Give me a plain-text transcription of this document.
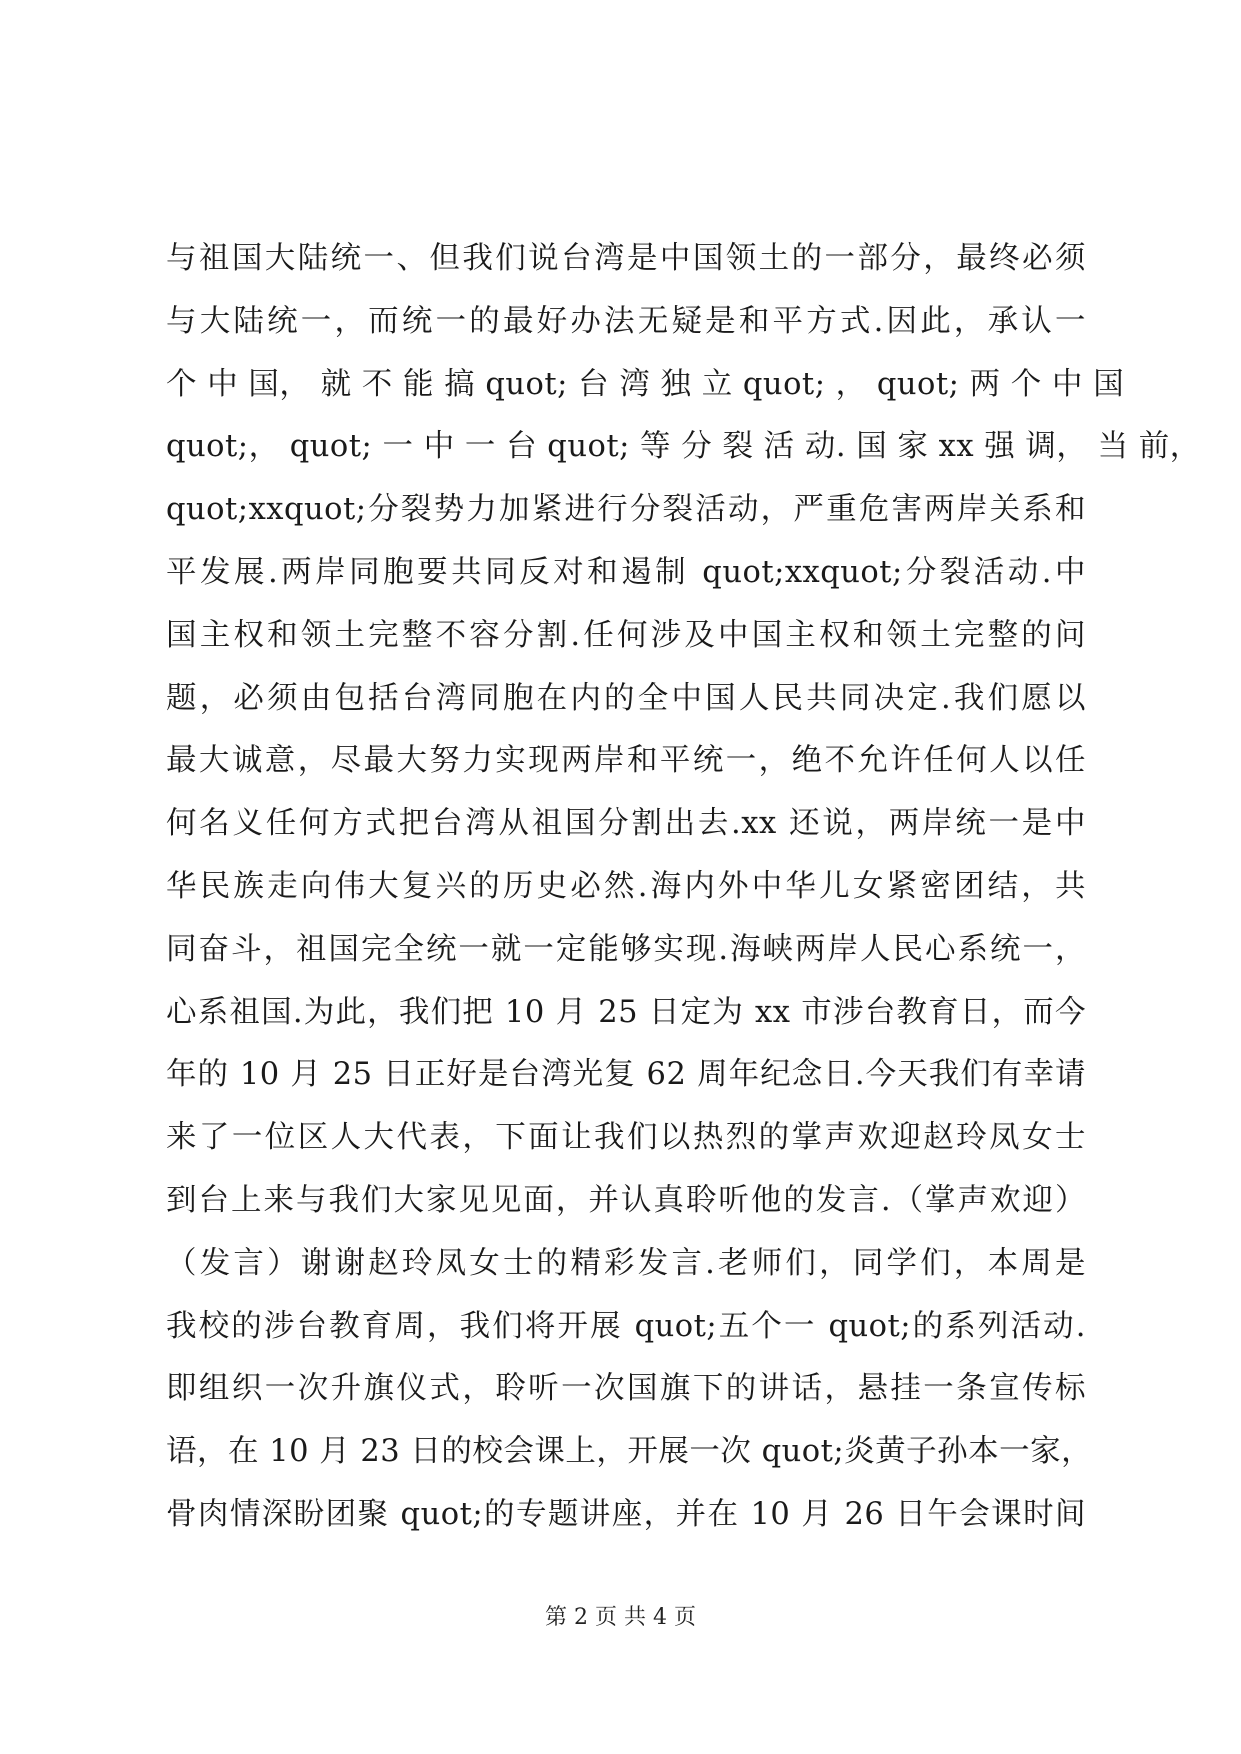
与祖国大陆统一、但我们说台湾是中国领土的一部分，最终必须
与大陆统一，而统一的最好办法无疑是和平方式.因此，承认一
个 中 国， 就 不 能 搞 quot; 台 湾 独 立 quot; ， quot; 两 个 中 国
quot;， quot; 一 中 一 台 quot; 等 分 裂 活 动. 国 家 xx 强 调， 当 前，
quot;xxquot;分裂势力加紧进行分裂活动，严重危害两岸关系和
平发展.两岸同胞要共同反对和遏制 quot;xxquot;分裂活动.中
国主权和领土完整不容分割.任何涉及中国主权和领土完整的问
题，必须由包括台湾同胞在内的全中国人民共同决定.我们愿以
最大诚意，尽最大努力实现两岸和平统一，绝不允许任何人以任
何名义任何方式把台湾从祖国分割出去.xx 还说，两岸统一是中
华民族走向伟大复兴的历史必然.海内外中华儿女紧密团结，共
同奋斗，祖国完全统一就一定能够实现.海峡两岸人民心系统一，
心系祖国.为此，我们把 10 月 25 日定为 xx 市涉台教育日，而今
年的 10 月 25 日正好是台湾光复 62 周年纪念日.今天我们有幸请
来了一位区人大代表，下面让我们以热烈的掌声欢迎赵玲凤女士
到台上来与我们大家见见面，并认真聆听他的发言.（掌声欢迎）
（发言）谢谢赵玲凤女士的精彩发言.老师们，同学们，本周是
我校的涉台教育周，我们将开展 quot;五个一 quot;的系列活动.
即组织一次升旗仪式，聆听一次国旗下的讲话，悬挂一条宣传标
语，在 10 月 23 日的校会课上，开展一次 quot;炎黄子孙本一家，
骨肉情深盼团聚 quot;的专题讲座，并在 10 月 26 日午会课时间
第 2 页 共 4 页
